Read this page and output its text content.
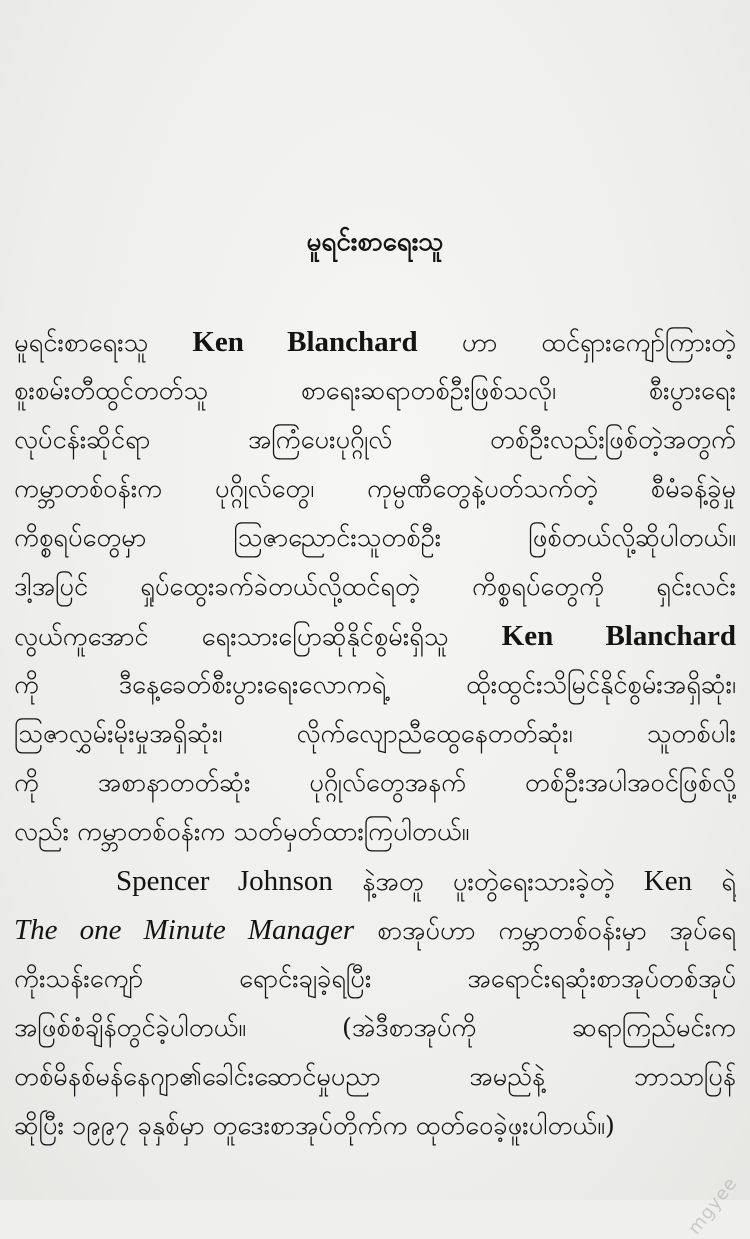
မူရင်းစာရေးသူ
မူရင်းစာရေးသူ Ken Blanchard ဟာ ထင်ရှားကျော်ကြားတဲ့
စူးစမ်းတီထွင်တတ်သူ စာရေးဆရာတစ်ဦးဖြစ်သလို၊ စီးပွားရေး
လုပ်ငန်းဆိုင်ရာ အကြံပေးပုဂ္ဂိုလ် တစ်ဦးလည်းဖြစ်တဲ့အတွက်
ကမ္ဘာတစ်ဝန်းက ပုဂ္ဂိုလ်တွေ၊ ကုမ္ပဏီတွေနဲ့ပတ်သက်တဲ့ စီမံခန့်ခွဲမှု
ကိစ္စရပ်တွေမှာ ဩဇာညောင်းသူတစ်ဦး ဖြစ်တယ်လို့ဆိုပါတယ်။
ဒါ့အပြင် ရှုပ်ထွေးခက်ခဲတယ်လို့ထင်ရတဲ့ ကိစ္စရပ်တွေကို ရှင်းလင်း
လွယ်ကူအောင် ရေးသားပြောဆိုနိုင်စွမ်းရှိသူ Ken Blanchard
ကို ဒီနေ့ခေတ်စီးပွားရေးလောကရဲ့ ထိုးထွင်းသိမြင်နိုင်စွမ်းအရှိဆုံး၊
ဩဇာလွှမ်းမိုးမှုအရှိဆုံး၊ လိုက်လျောညီထွေနေတတ်ဆုံး၊ သူတစ်ပါး
ကို အစာနာတတ်ဆုံး ပုဂ္ဂိုလ်တွေအနက် တစ်ဦးအပါအဝင်ဖြစ်လို့
လည်း ကမ္ဘာတစ်ဝန်းက သတ်မှတ်ထားကြပါတယ်။
Spencer Johnson နဲ့အတူ ပူးတွဲရေးသားခဲ့တဲ့ Ken ရဲ့
The one Minute Manager စာအုပ်ဟာ ကမ္ဘာတစ်ဝန်းမှာ အုပ်ရေ
ကိုးသန်းကျော် ရောင်းချခဲ့ရပြီး အရောင်းရဆုံးစာအုပ်တစ်အုပ်
အဖြစ်စံချိန်တွင်ခဲ့ပါတယ်။ (အဲဒီစာအုပ်ကို ဆရာကြည်မင်းက
တစ်မိနစ်မန်နေဂျာ၏ခေါင်းဆောင်မှုပညာ အမည်နဲ့ ဘာသာပြန်
ဆိုပြီး ၁၉၉၇ ခုနှစ်မှာ တူဒေးစာအုပ်တိုက်က ထုတ်ဝေခဲ့ဖူးပါတယ်။)
mgyee
